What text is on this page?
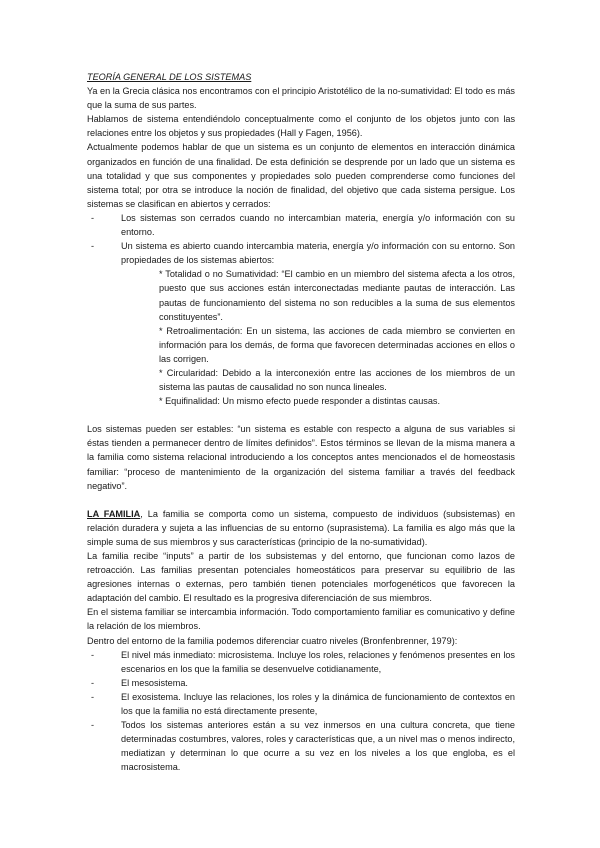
TEORÍA GENERAL DE LOS SISTEMAS

Ya en la Grecia clásica nos encontramos con el principio Aristotélico de la no-sumatividad: El todo es más que la suma de sus partes.

Hablamos de sistema entendiéndolo conceptualmente como el conjunto de los objetos junto con las relaciones entre los objetos y sus propiedades (Hall y Fagen, 1956).

Actualmente podemos hablar de que un sistema es un conjunto de elementos en interacción dinámica organizados en función de una finalidad. De esta definición se desprende por un lado que un sistema es una totalidad y que sus componentes y propiedades solo pueden comprenderse como funciones del sistema total; por otra se introduce la noción de finalidad, del objetivo que cada sistema persigue. Los sistemas se clasifican en abiertos y cerrados:

- Los sistemas son cerrados cuando no intercambian materia, energía y/o información con su entorno.
- Un sistema es abierto cuando intercambia materia, energía y/o información con su entorno. Son propiedades de los sistemas abiertos:

* Totalidad o no Sumatividad: “El cambio en un miembro del sistema afecta a los otros, puesto que sus acciones están interconectadas mediante pautas de interacción. Las pautas de funcionamiento del sistema no son reducibles a la suma de sus elementos constituyentes”.

* Retroalimentación: En un sistema, las acciones de cada miembro se convierten en información para los demás, de forma que favorecen determinadas acciones en ellos o las corrigen.

* Circularidad: Debido a la interconexión entre las acciones de los miembros de un sistema las pautas de causalidad no son nunca lineales.

* Equifinalidad: Un mismo efecto puede responder a distintas causas.

Los sistemas pueden ser estables: “un sistema es estable con respecto a alguna de sus variables si éstas tienden a permanecer dentro de límites definidos”. Estos términos se llevan de la misma manera a la familia como sistema relacional introduciendo a los conceptos antes mencionados el de homeostasis familiar: “proceso de mantenimiento de la organización del sistema familiar a través del feedback negativo”.

LA FAMILIA, La familia se comporta como un sistema, compuesto de individuos (subsistemas) en relación duradera y sujeta a las influencias de su entorno (suprasistema). La familia es algo más que la simple suma de sus miembros y sus características (principio de la no-sumatividad).

La familia recibe “inputs” a partir de los subsistemas y del entorno, que funcionan como lazos de retroacción. Las familias presentan potenciales homeostáticos para preservar su equilibrio de las agresiones internas o externas, pero también tienen potenciales morfogenéticos que favorecen la adaptación del cambio. El resultado es la progresiva diferenciación de sus miembros.

En el sistema familiar se intercambia información. Todo comportamiento familiar es comunicativo y define la relación de los miembros.

Dentro del entorno de la familia podemos diferenciar cuatro niveles (Bronfenbrenner, 1979):

- El nivel más inmediato: microsistema. Incluye los roles, relaciones y fenómenos presentes en los escenarios en los que la familia se desenvuelve cotidianamente,
- El mesosistema.
- El exosistema. Incluye las relaciones, los roles y la dinámica de funcionamiento de contextos en los que la familia no está directamente presente,
- Todos los sistemas anteriores están a su vez inmersos en una cultura concreta, que tiene determinadas costumbres, valores, roles y características que, a un nivel mas o menos indirecto, mediatizan y determinan lo que ocurre a su vez en los niveles a los que engloba, es el macrosistema.
